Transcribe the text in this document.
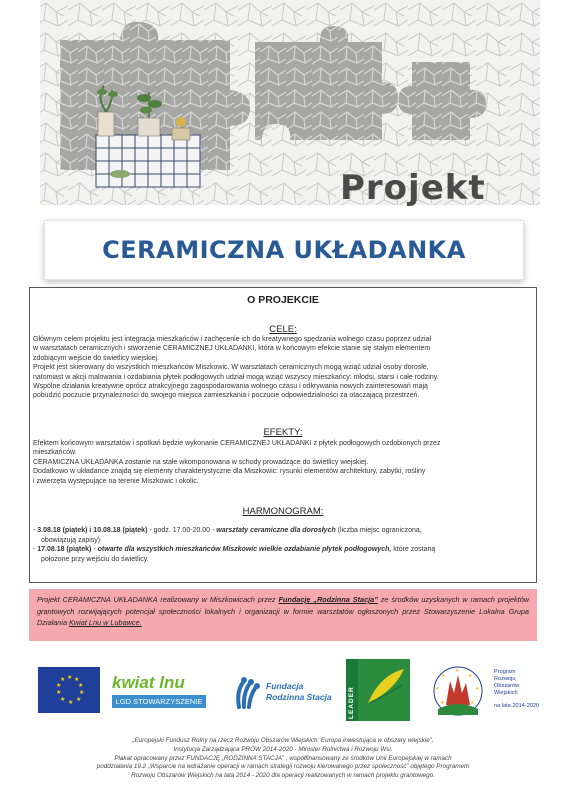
Projekt
CERAMICZNA UKŁADANKA
O PROJEKCIE
CELE:
Głównym celem projektu jest integracja mieszkańców i zachęcenie ich do kreatywnego spędzania wolnego czasu poprzez udział
w warsztatach ceramicznych i stworzenie CERAMICZNEJ UKŁADANKI, która w końcowym efekcie stanie się stałym elementem
zdobiącym wejście do świetlicy wiejskiej.
Projekt jest skierowany do wszystkich mieszkańców Miszkowic. W warsztatach ceramicznych mogą wziąć udział osoby dorosłe,
natomiast w akcji malowania i ozdabiania płytek podłogowych udział mogą wziąć wszyscy mieszkańcy: młodsi, starsi i całe rodziny.
Wspólne działania kreatywne oprócz atrakcyjnego zagospodarowania wolnego czasu i odkrywania nowych zainteresowań mają
pobudzić poczucie przynależności do swojego miejsca zamieszkania i poczucie odpowiedzialności za otaczającą przestrzeń.
EFEKTY:
Efektem końcowym warsztatów i spotkań będzie wykonanie CERAMICZNEJ UKŁADANKI z płytek podłogowych ozdobionych przez
mieszkańców.
CERAMICZNA UKŁADANKA zostanie na stałe wkomponowana w schody prowadzące do świetlicy wiejskiej.
Dodatkowo w układance znajdą się elementy charakterystyczne dla Miszkowic: rysunki elementów architektury, zabytki, rośliny
i zwierzęta występujące na terenie Miszkowic i okolic.
HARMONOGRAM:
- 3.08.18 (piątek) i 10.08.18 (piątek) - godz. 17.00-20.00 - warsztaty ceramiczne dla dorosłych (liczba miejsc ograniczona,
obowiązują zapisy)
- 17.08.18 (piątek) - otwarte dla wszystkich mieszkańców Miszkowic wielkie ozdabianie płytek podłogowych, które zostaną
położone przy wejściu do świetlicy.
Projekt CERAMICZNA UKŁADANKA realizowany w Miszkowicach przez Fundację „Rodzinna Stacja” ze środków uzyskanych w ramach projektów grantowych rozwijających potencjał społeczności lokalnych i organizacji w formie warsztatów ogłoszonych przez Stowarzyszenie Lokalna Grupa Działania Kwiat Lnu w Lubawce.
★ ★
★
★
★
★
★
★
★
★	kwiat lnu
LGD STOWARZYSZENIE
Fundacja
Rodzinna Stacja	LEADER
★
★
★
★
★
★
★
Program
Rozwoju
Obszarów
Wiejskich
na lata 2014-2020
„Europejski Fundusz Rolny na rzecz Rozwoju Obszarów Wiejskich: Europa inwestująca w obszary wiejskie”.
Instytucja Zarządzająca PROW 2014-2020 - Minister Rolnictwa i Rozwoju Wsi.
Plakat opracowany przez FUNDACJĘ „RODZINNA STACJA” , współfinansowany ze środków Unii Europejskiej w ramach
poddziałania 19.2 „Wsparcie na wdrażanie operacji w ramach strategii rozwoju kierowanego przez społeczność” objętego Programem
Rozwoju Obszarów Wiejskich na lata 2014 - 2020 dla operacji realizowanych w ramach projektu grantowego.
